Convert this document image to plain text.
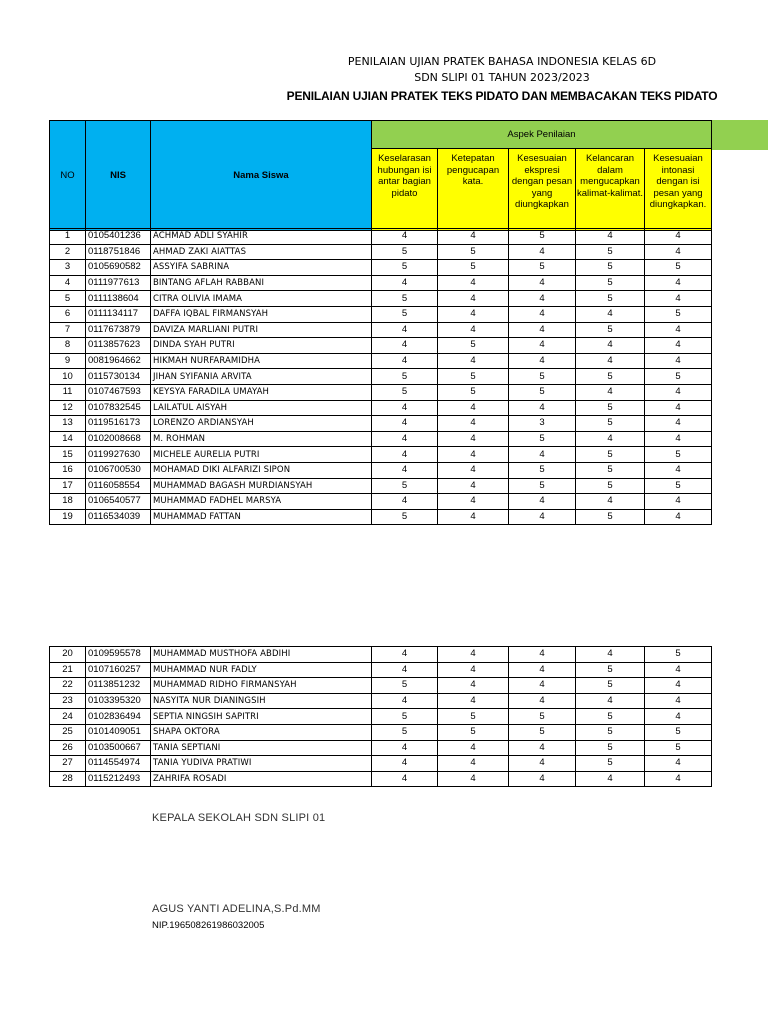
PENILAIAN UJIAN PRATEK BAHASA INDONESIA KELAS 6D
SDN SLIPI 01 TAHUN 2023/2023
PENILAIAN UJIAN PRATEK TEKS PIDATO DAN MEMBACAKAN TEKS PIDATO
NO	NIS	Nama Siswa	Aspek Penilaian				
			Keselarasan hubungan isi antar bagian pidato	Ketepatan pengucapan kata.	Kesesuaian ekspresi dengan pesan yang diungkapkan	Kelancaran dalam mengucapkan kalimat-kalimat.	Kesesuaian intonasi dengan isi pesan yang diungkapkan.
1	0105401236	ACHMAD ADLI SYAHIR	4	4	5	4	4
2	0118751846	AHMAD ZAKI AIATTAS	5	5	4	5	4
3	0105690582	ASSYIFA SABRINA	5	5	5	5	5
4	0111977613	BINTANG AFLAH RABBANI	4	4	4	5	4
5	0111138604	CITRA OLIVIA IMAMA	5	4	4	5	4
6	0111134117	DAFFA IQBAL FIRMANSYAH	5	4	4	4	5
7	0117673879	DAVIZA MARLIANI PUTRI	4	4	4	5	4
8	0113857623	DINDA SYAH PUTRI	4	5	4	4	4
9	0081964662	HIKMAH NURFARAMIDHA	4	4	4	4	4
10	0115730134	JIHAN SYIFANIA ARVITA	5	5	5	5	5
11	0107467593	KEYSYA FARADILA UMAYAH	5	5	5	4	4
12	0107832545	LAILATUL AISYAH	4	4	4	5	4
13	0119516173	LORENZO ARDIANSYAH	4	4	3	5	4
14	0102008668	M. ROHMAN	4	4	5	4	4
15	0119927630	MICHELE AURELIA PUTRI	4	4	4	5	5
16	0106700530	MOHAMAD DIKI ALFARIZI SIPON	4	4	5	5	4
17	0116058554	MUHAMMAD BAGASH MURDIANSYAH	5	4	5	5	5
18	0106540577	MUHAMMAD FADHEL MARSYA	4	4	4	4	4
19	0116534039	MUHAMMAD FATTAN	5	4	4	5	4
20	0109595578	MUHAMMAD MUSTHOFA ABDIHI	4	4	4	4	5
21	0107160257	MUHAMMAD NUR FADLY	4	4	4	5	4
22	0113851232	MUHAMMAD RIDHO FIRMANSYAH	5	4	4	5	4
23	0103395320	NASYITA NUR DIANINGSIH	4	4	4	4	4
24	0102836494	SEPTIA NINGSIH SAPITRI	5	5	5	5	4
25	0101409051	SHAPA OKTORA	5	5	5	5	5
26	0103500667	TANIA SEPTIANI	4	4	4	5	5
27	0114554974	TANIA YUDIVA PRATIWI	4	4	4	5	4
28	0115212493	ZAHRIFA ROSADI	4	4	4	4	4
KEPALA SEKOLAH SDN SLIPI 01
AGUS YANTI ADELINA,S.Pd.MM
NIP.196508261986032005
